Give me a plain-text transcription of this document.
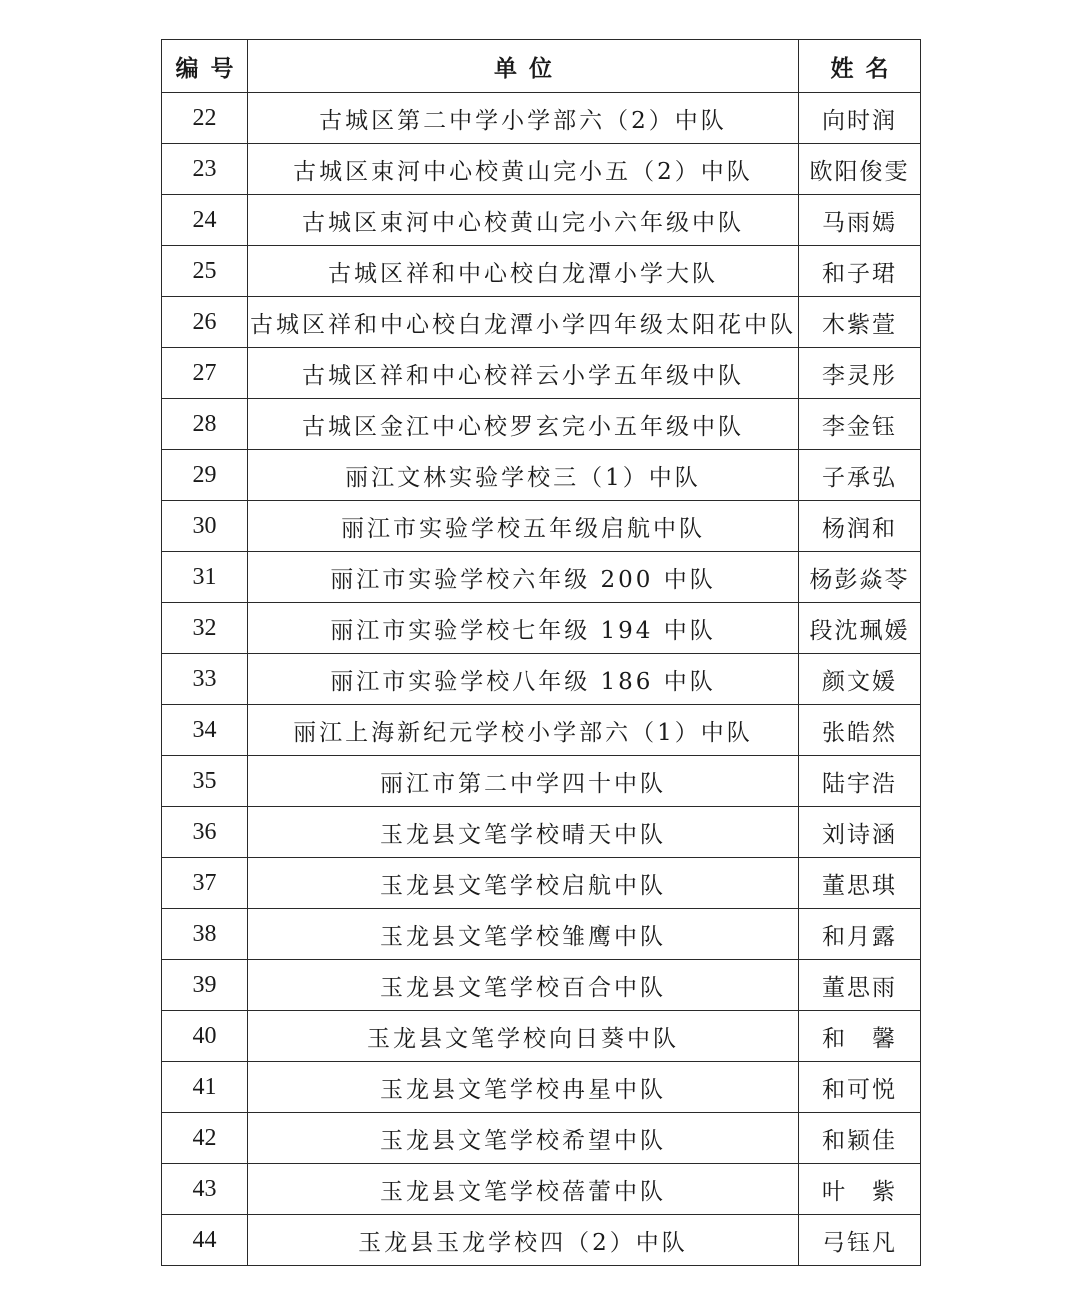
编号	单位	姓名
22	古城区第二中学小学部六（2）中队	向时润
23	古城区束河中心校黄山完小五（2）中队	欧阳俊雯
24	古城区束河中心校黄山完小六年级中队	马雨嫣
25	古城区祥和中心校白龙潭小学大队	和子珺
26	古城区祥和中心校白龙潭小学四年级太阳花中队	木紫萱
27	古城区祥和中心校祥云小学五年级中队	李灵彤
28	古城区金江中心校罗玄完小五年级中队	李金钰
29	丽江文林实验学校三（1）中队	子承弘
30	丽江市实验学校五年级启航中队	杨润和
31	丽江市实验学校六年级 200 中队	杨彭焱苓
32	丽江市实验学校七年级 194 中队	段沈珮媛
33	丽江市实验学校八年级 186 中队	颜文媛
34	丽江上海新纪元学校小学部六（1）中队	张皓然
35	丽江市第二中学四十中队	陆宇浩
36	玉龙县文笔学校晴天中队	刘诗涵
37	玉龙县文笔学校启航中队	董思琪
38	玉龙县文笔学校雏鹰中队	和月露
39	玉龙县文笔学校百合中队	董思雨
40	玉龙县文笔学校向日葵中队	和　馨
41	玉龙县文笔学校冉星中队	和可悦
42	玉龙县文笔学校希望中队	和颖佳
43	玉龙县文笔学校蓓蕾中队	叶　紫
44	玉龙县玉龙学校四（2）中队	弓钰凡
